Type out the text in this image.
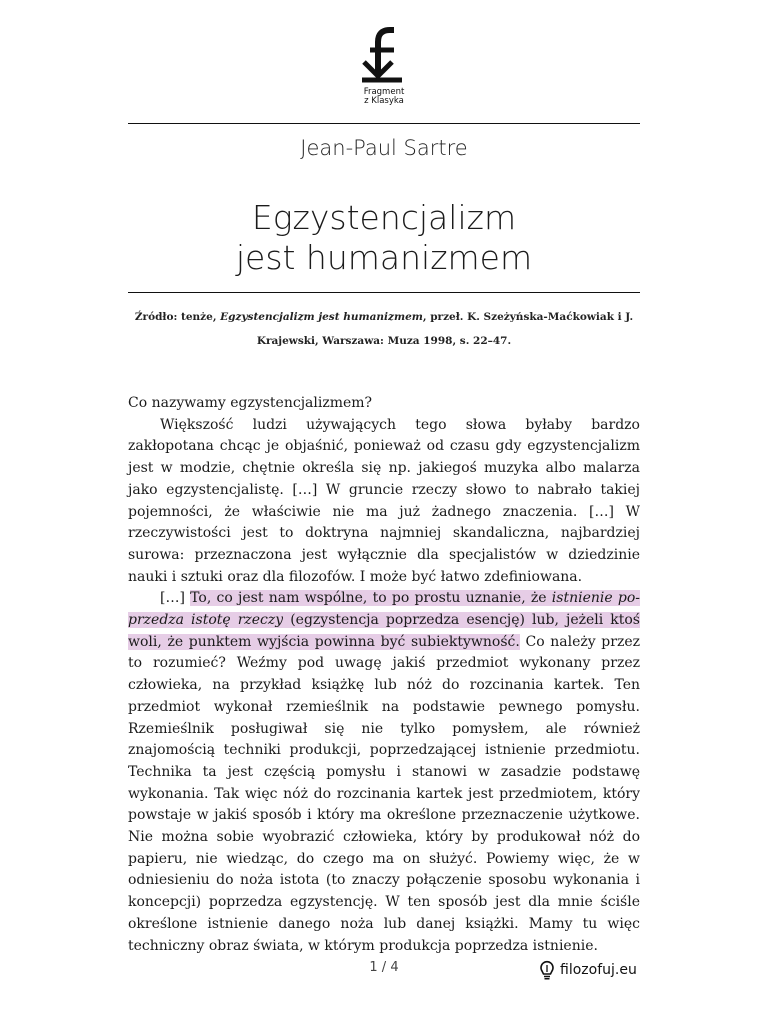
Fragment
z Klasyka
Jean-Paul Sartre
Egzystencjalizm
jest humanizmem
Źródło: tenże, Egzystencjalizm jest humanizmem, przeł. K. Szeżyńska-Maćkowiak i J. Krajewski, Warszawa: Muza 1998, s. 22–47.

Co nazywamy egzystencjalizmem?

Większość ludzi używających tego słowa byłaby bardzo zakłopotana chcąc je objaśnić, ponieważ od czasu gdy egzystencjalizm jest w modzie, chętnie określa się np. jakiegoś muzyka albo malarza jako egzystencjalistę. […] W gruncie rzeczy słowo to nabrało takiej pojemności, że właściwie nie ma już żadnego znaczenia. […] W rzeczywistości jest to doktryna najmniej skandaliczna, najbardziej surowa: przeznaczona jest wyłącznie dla specjalistów w dziedzinie nauki i sztuki oraz dla filozofów. I może być łatwo zdefiniowana.

[…] To, co jest nam wspólne, to po prostu uznanie, że istnienie poprzedza istotę rzeczy (egzystencja poprzedza esencję) lub, jeżeli ktoś woli, że punktem wyjścia powinna być subiektywność. Co należy przez to rozumieć? Weźmy pod uwagę jakiś przedmiot wykonany przez człowieka, na przykład książkę lub nóż do rozcinania kartek. Ten przedmiot wykonał rzemieślnik na podstawie pewnego pomysłu. Rzemieślnik posługiwał się nie tylko pomysłem, ale również znajomością techniki produkcji, poprzedzającej istnienie przedmiotu. Technika ta jest częścią pomysłu i stanowi w zasadzie podstawę wykonania. Tak więc nóż do rozcinania kartek jest przedmiotem, który powstaje w jakiś sposób i który ma określone przeznaczenie użytkowe. Nie można sobie wyobrazić człowieka, który by produkował nóż do papieru, nie wiedząc, do czego ma on służyć. Powiemy więc, że w odniesieniu do noża istota (to znaczy połączenie sposobu wykonania i koncepcji) poprzedza egzystencję. W ten sposób jest dla mnie ściśle określone istnienie danego noża lub danej książki. Mamy tu więc techniczny obraz świata, w którym produkcja poprzedza istnienie.

1 / 4	filozofuj.eu
